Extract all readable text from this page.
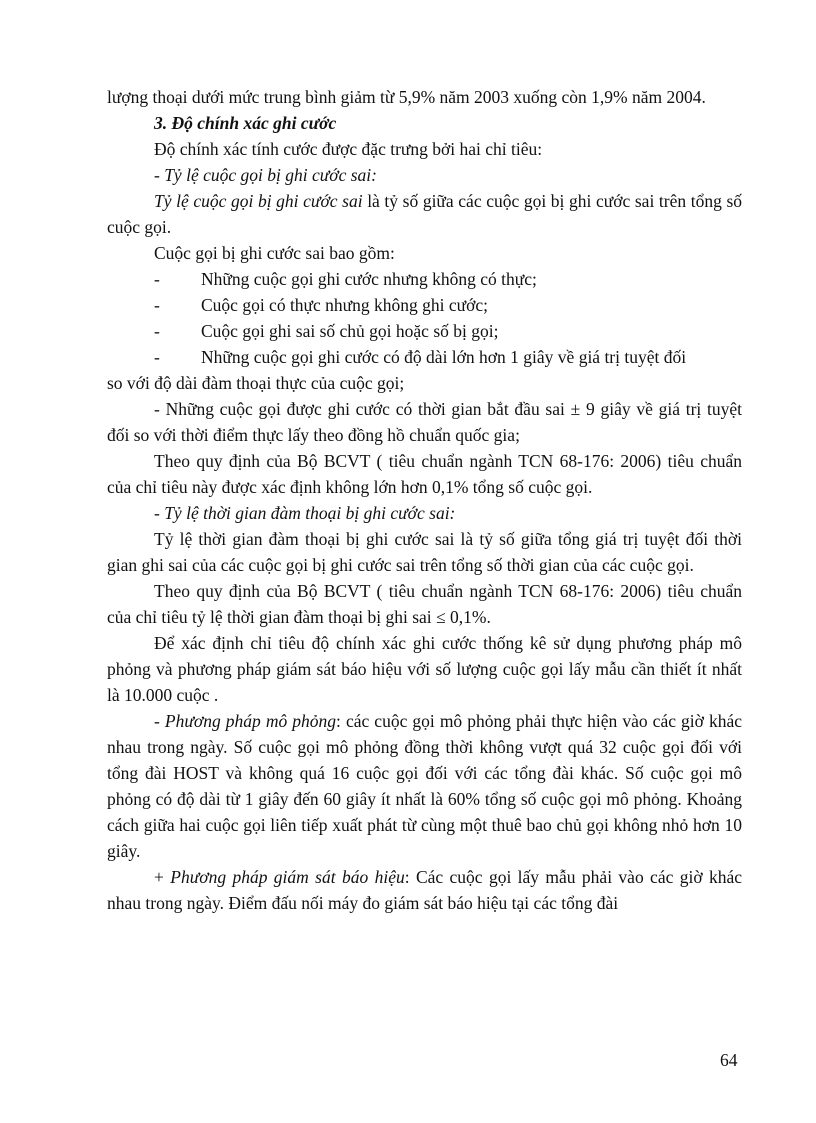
lượng thoại dưới mức trung bình giảm từ 5,9% năm 2003 xuống còn 1,9% năm 2004.

3. Độ chính xác ghi cước

Độ chính xác tính cước được đặc trưng bởi hai chỉ tiêu:

- Tỷ lệ cuộc gọi bị ghi cước sai:

Tỷ lệ cuộc gọi bị ghi cước sai là tỷ số giữa các cuộc gọi bị ghi cước sai trên tổng số cuộc gọi.

Cuộc gọi bị ghi cước sai bao gồm:

-	Những cuộc gọi ghi cước nhưng không có thực;
-	Cuộc gọi có thực nhưng không ghi cước;
-	Cuộc gọi ghi sai số chủ gọi hoặc số bị gọi;
-	Những cuộc gọi ghi cước có độ dài lớn hơn 1 giây về giá trị tuyệt đối

so với độ dài đàm thoại thực của cuộc gọi;

- Những cuộc gọi được ghi cước có thời gian bắt đầu sai ± 9 giây về giá trị tuyệt đối so với thời điểm thực lấy theo đồng hồ chuẩn quốc gia;

Theo quy định của Bộ BCVT ( tiêu chuẩn ngành TCN 68-176: 2006) tiêu chuẩn của chỉ tiêu này được xác định không lớn hơn 0,1% tổng số cuộc gọi.

- Tỷ lệ thời gian đàm thoại bị ghi cước sai:

Tỷ lệ thời gian đàm thoại bị ghi cước sai là tỷ số giữa tổng giá trị tuyệt đối thời gian ghi sai của các cuộc gọi bị ghi cước sai trên tổng số thời gian của các cuộc gọi.

Theo quy định của Bộ BCVT ( tiêu chuẩn ngành TCN 68-176: 2006) tiêu chuẩn của chỉ tiêu tỷ lệ thời gian đàm thoại bị ghi sai ≤ 0,1%.

Để xác định chỉ tiêu độ chính xác ghi cước thống kê sử dụng phương pháp mô phỏng và phương pháp giám sát báo hiệu với số lượng cuộc gọi lấy mẫu cần thiết ít nhất là 10.000 cuộc .

- Phương pháp mô phỏng: các cuộc gọi mô phỏng phải thực hiện vào các giờ khác nhau trong ngày. Số cuộc gọi mô phỏng đồng thời không vượt quá 32 cuộc gọi đối với tổng đài HOST và không quá 16 cuộc gọi đối với các tổng đài khác. Số cuộc gọi mô phỏng có độ dài từ 1 giây đến 60 giây ít nhất là 60% tổng số cuộc gọi mô phỏng. Khoảng cách giữa hai cuộc gọi liên tiếp xuất phát từ cùng một thuê bao chủ gọi không nhỏ hơn 10 giây.

+ Phương pháp giám sát báo hiệu: Các cuộc gọi lấy mẫu phải vào các giờ khác nhau trong ngày. Điểm đấu nối máy đo giám sát báo hiệu tại các tổng đài

64
